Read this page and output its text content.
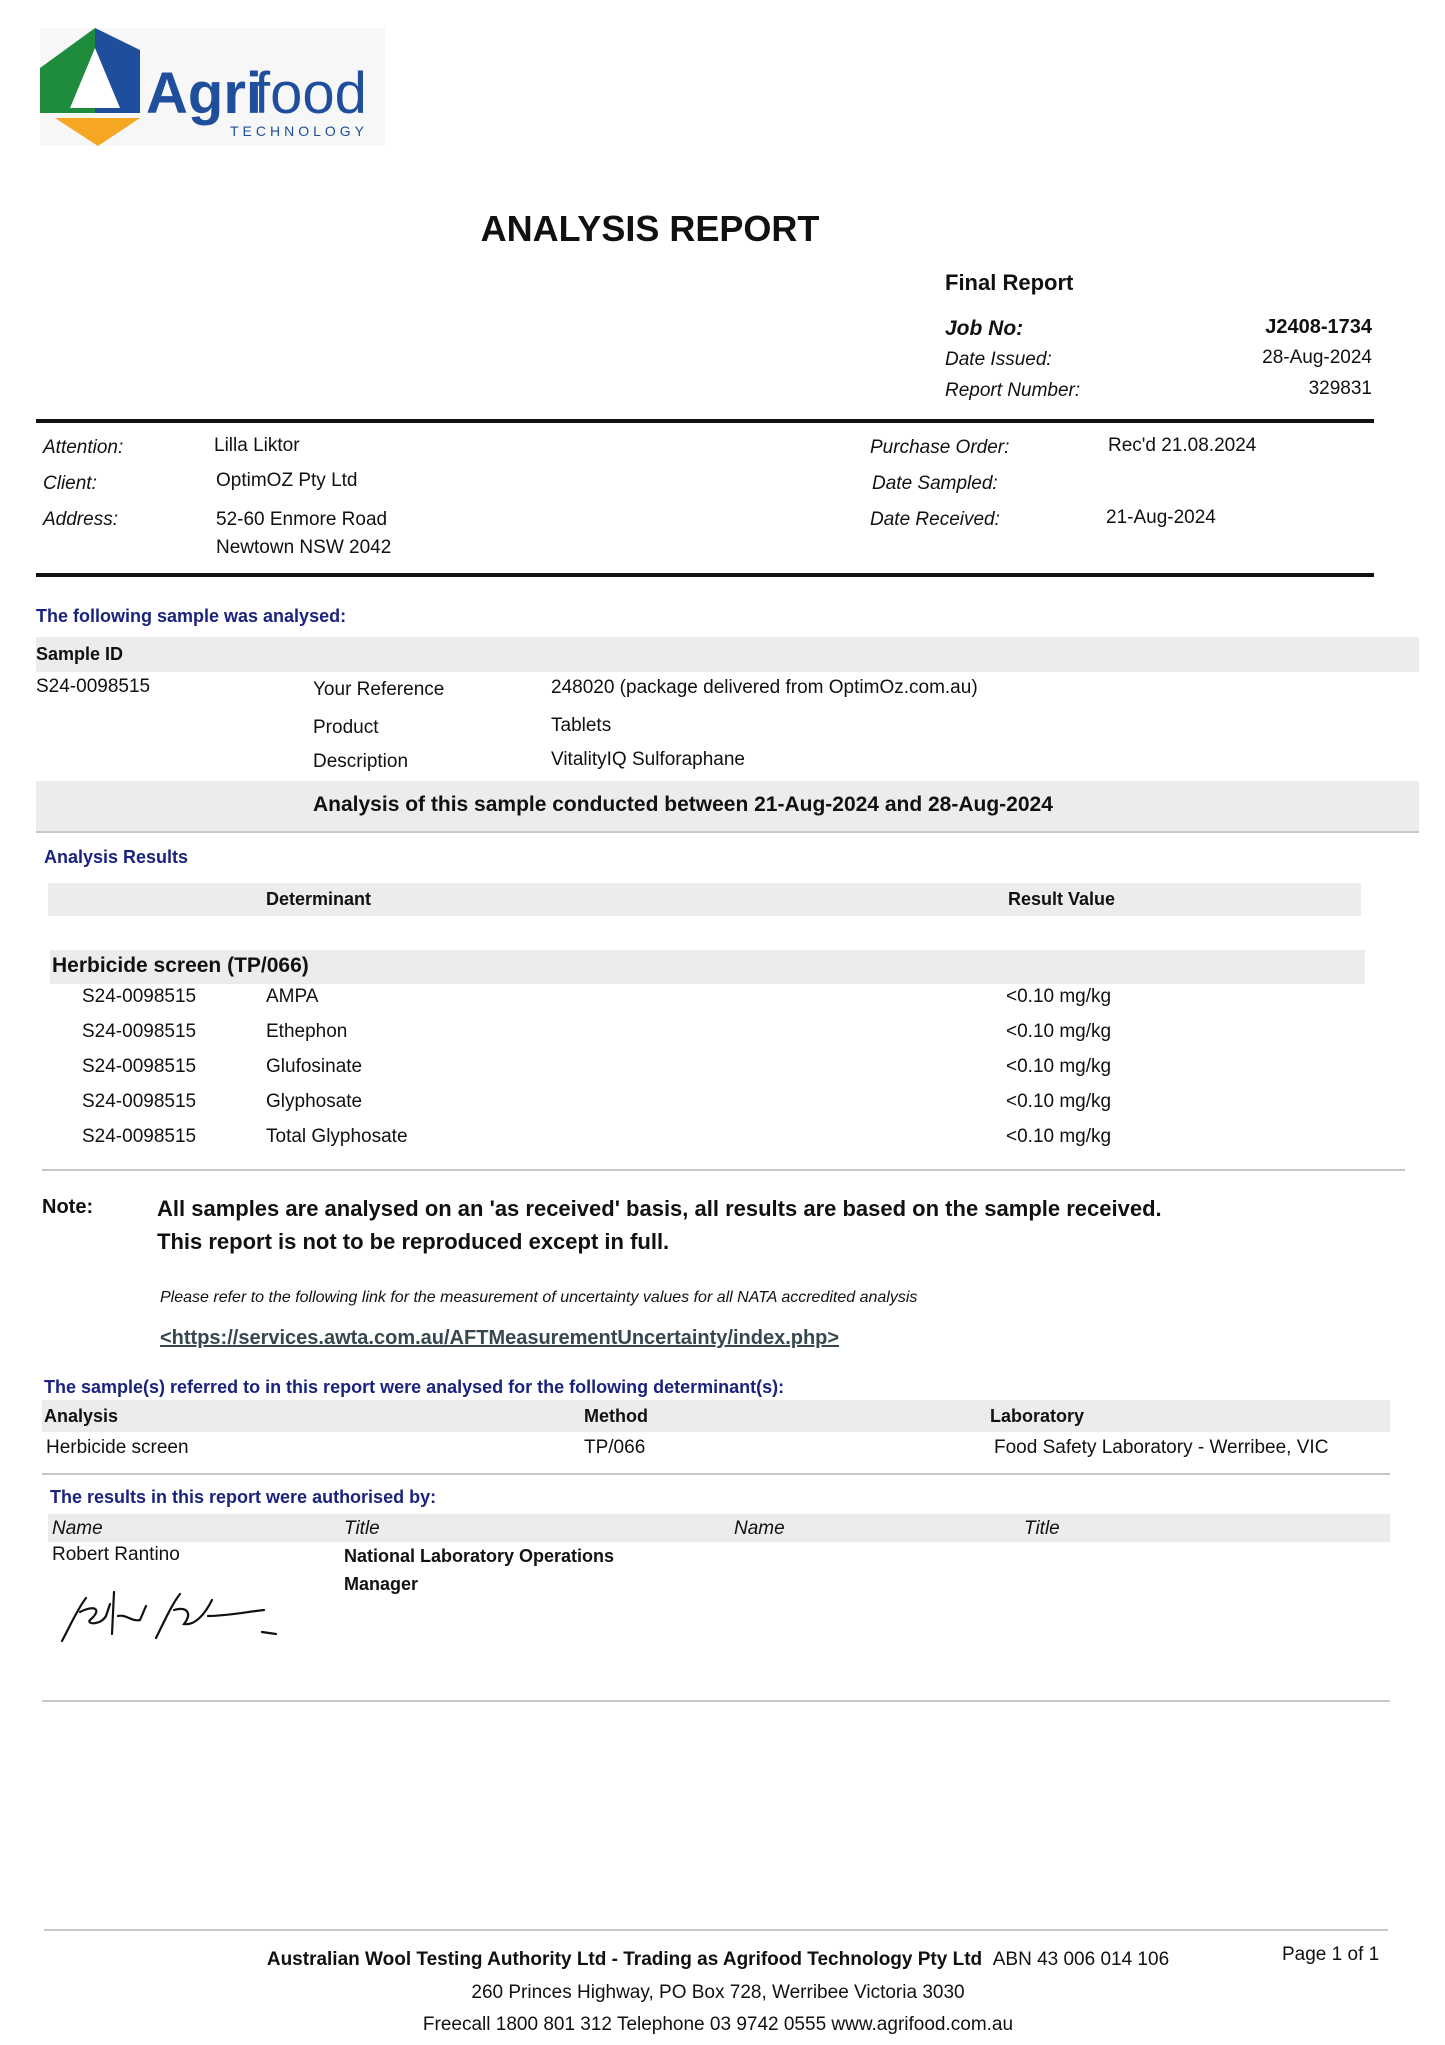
Agri
food
TECHNOLOGY
ANALYSIS REPORT
Final Report
Job No:	J2408-1734
Date Issued:	28-Aug-2024
Report Number:	329831
Attention:	Lilla Liktor
Client:	OptimOZ Pty Ltd
Address:	52-60 Enmore Road
Newtown NSW 2042
Purchase Order:	Rec'd 21.08.2024
Date Sampled:
Date Received:	21-Aug-2024
The following sample was analysed:
Sample ID
S24-0098515	Your Reference	248020 (package delivered from OptimOz.com.au)
Product	Tablets
Description	VitalityIQ Sulforaphane
Analysis of this sample conducted between 21-Aug-2024 and 28-Aug-2024
Analysis Results
Determinant	Result Value
Herbicide screen (TP/066)
S24-0098515	AMPA	<0.10 mg/kg
S24-0098515	Ethephon	<0.10 mg/kg
S24-0098515	Glufosinate	<0.10 mg/kg
S24-0098515	Glyphosate	<0.10 mg/kg
S24-0098515	Total Glyphosate	<0.10 mg/kg
Note:	All samples are analysed on an 'as received' basis, all results are based on the sample received.
This report is not to be reproduced except in full.
Please refer to the following link for the measurement of uncertainty values for all NATA accredited analysis
<https://services.awta.com.au/AFTMeasurementUncertainty/index.php>
The sample(s) referred to in this report were analysed for the following determinant(s):
Analysis	Method	Laboratory
Herbicide screen	TP/066	Food Safety Laboratory - Werribee, VIC
The results in this report were authorised by:
Name	Title	Name	Title
Robert Rantino	National Laboratory Operations
Manager
Australian Wool Testing Authority Ltd - Trading as Agrifood Technology Pty Ltd ABN 43 006 014 106	Page 1 of 1
260 Princes Highway, PO Box 728, Werribee Victoria 3030
Freecall 1800 801 312 Telephone 03 9742 0555 www.agrifood.com.au
